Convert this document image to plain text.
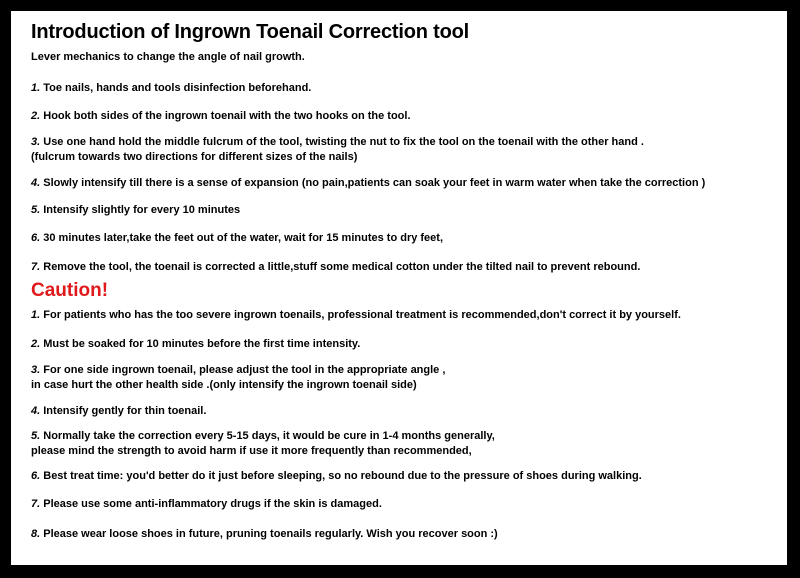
Introduction of Ingrown Toenail Correction tool
Lever mechanics to change the angle of nail growth.
1. Toe nails, hands and tools disinfection beforehand.
2. Hook both sides of the ingrown toenail with the two hooks on the tool.
3. Use one hand hold the middle fulcrum of the tool, twisting the nut to fix the tool on the toenail with the other hand .
(fulcrum towards two directions for different sizes of the nails)
4. Slowly intensify till there is a sense of expansion (no pain,patients can soak your feet in warm water when take the correction )
5. Intensify slightly for every 10 minutes
6. 30 minutes later,take the feet out of the water, wait for 15 minutes to dry feet,
7. Remove the tool, the toenail is corrected a little,stuff some medical cotton under the tilted nail to prevent rebound.
Caution!
1. For patients who has the too severe ingrown toenails, professional treatment is recommended,don't correct it by yourself.
2. Must be soaked for 10 minutes before the first time intensity.
3. For one side ingrown toenail, please adjust the tool in the appropriate angle ,
in case hurt the other health side .(only intensify the ingrown toenail side)
4. Intensify gently for thin toenail.
5. Normally take the correction every 5-15 days, it would be cure in 1-4 months generally,
please mind the strength to avoid harm if use it more frequently than recommended,
6. Best treat time: you'd better do it just before sleeping, so no rebound due to the pressure of shoes during walking.
7. Please use some anti-inflammatory drugs if the skin is damaged.
8. Please wear loose shoes in future, pruning toenails regularly. Wish you recover soon :)
